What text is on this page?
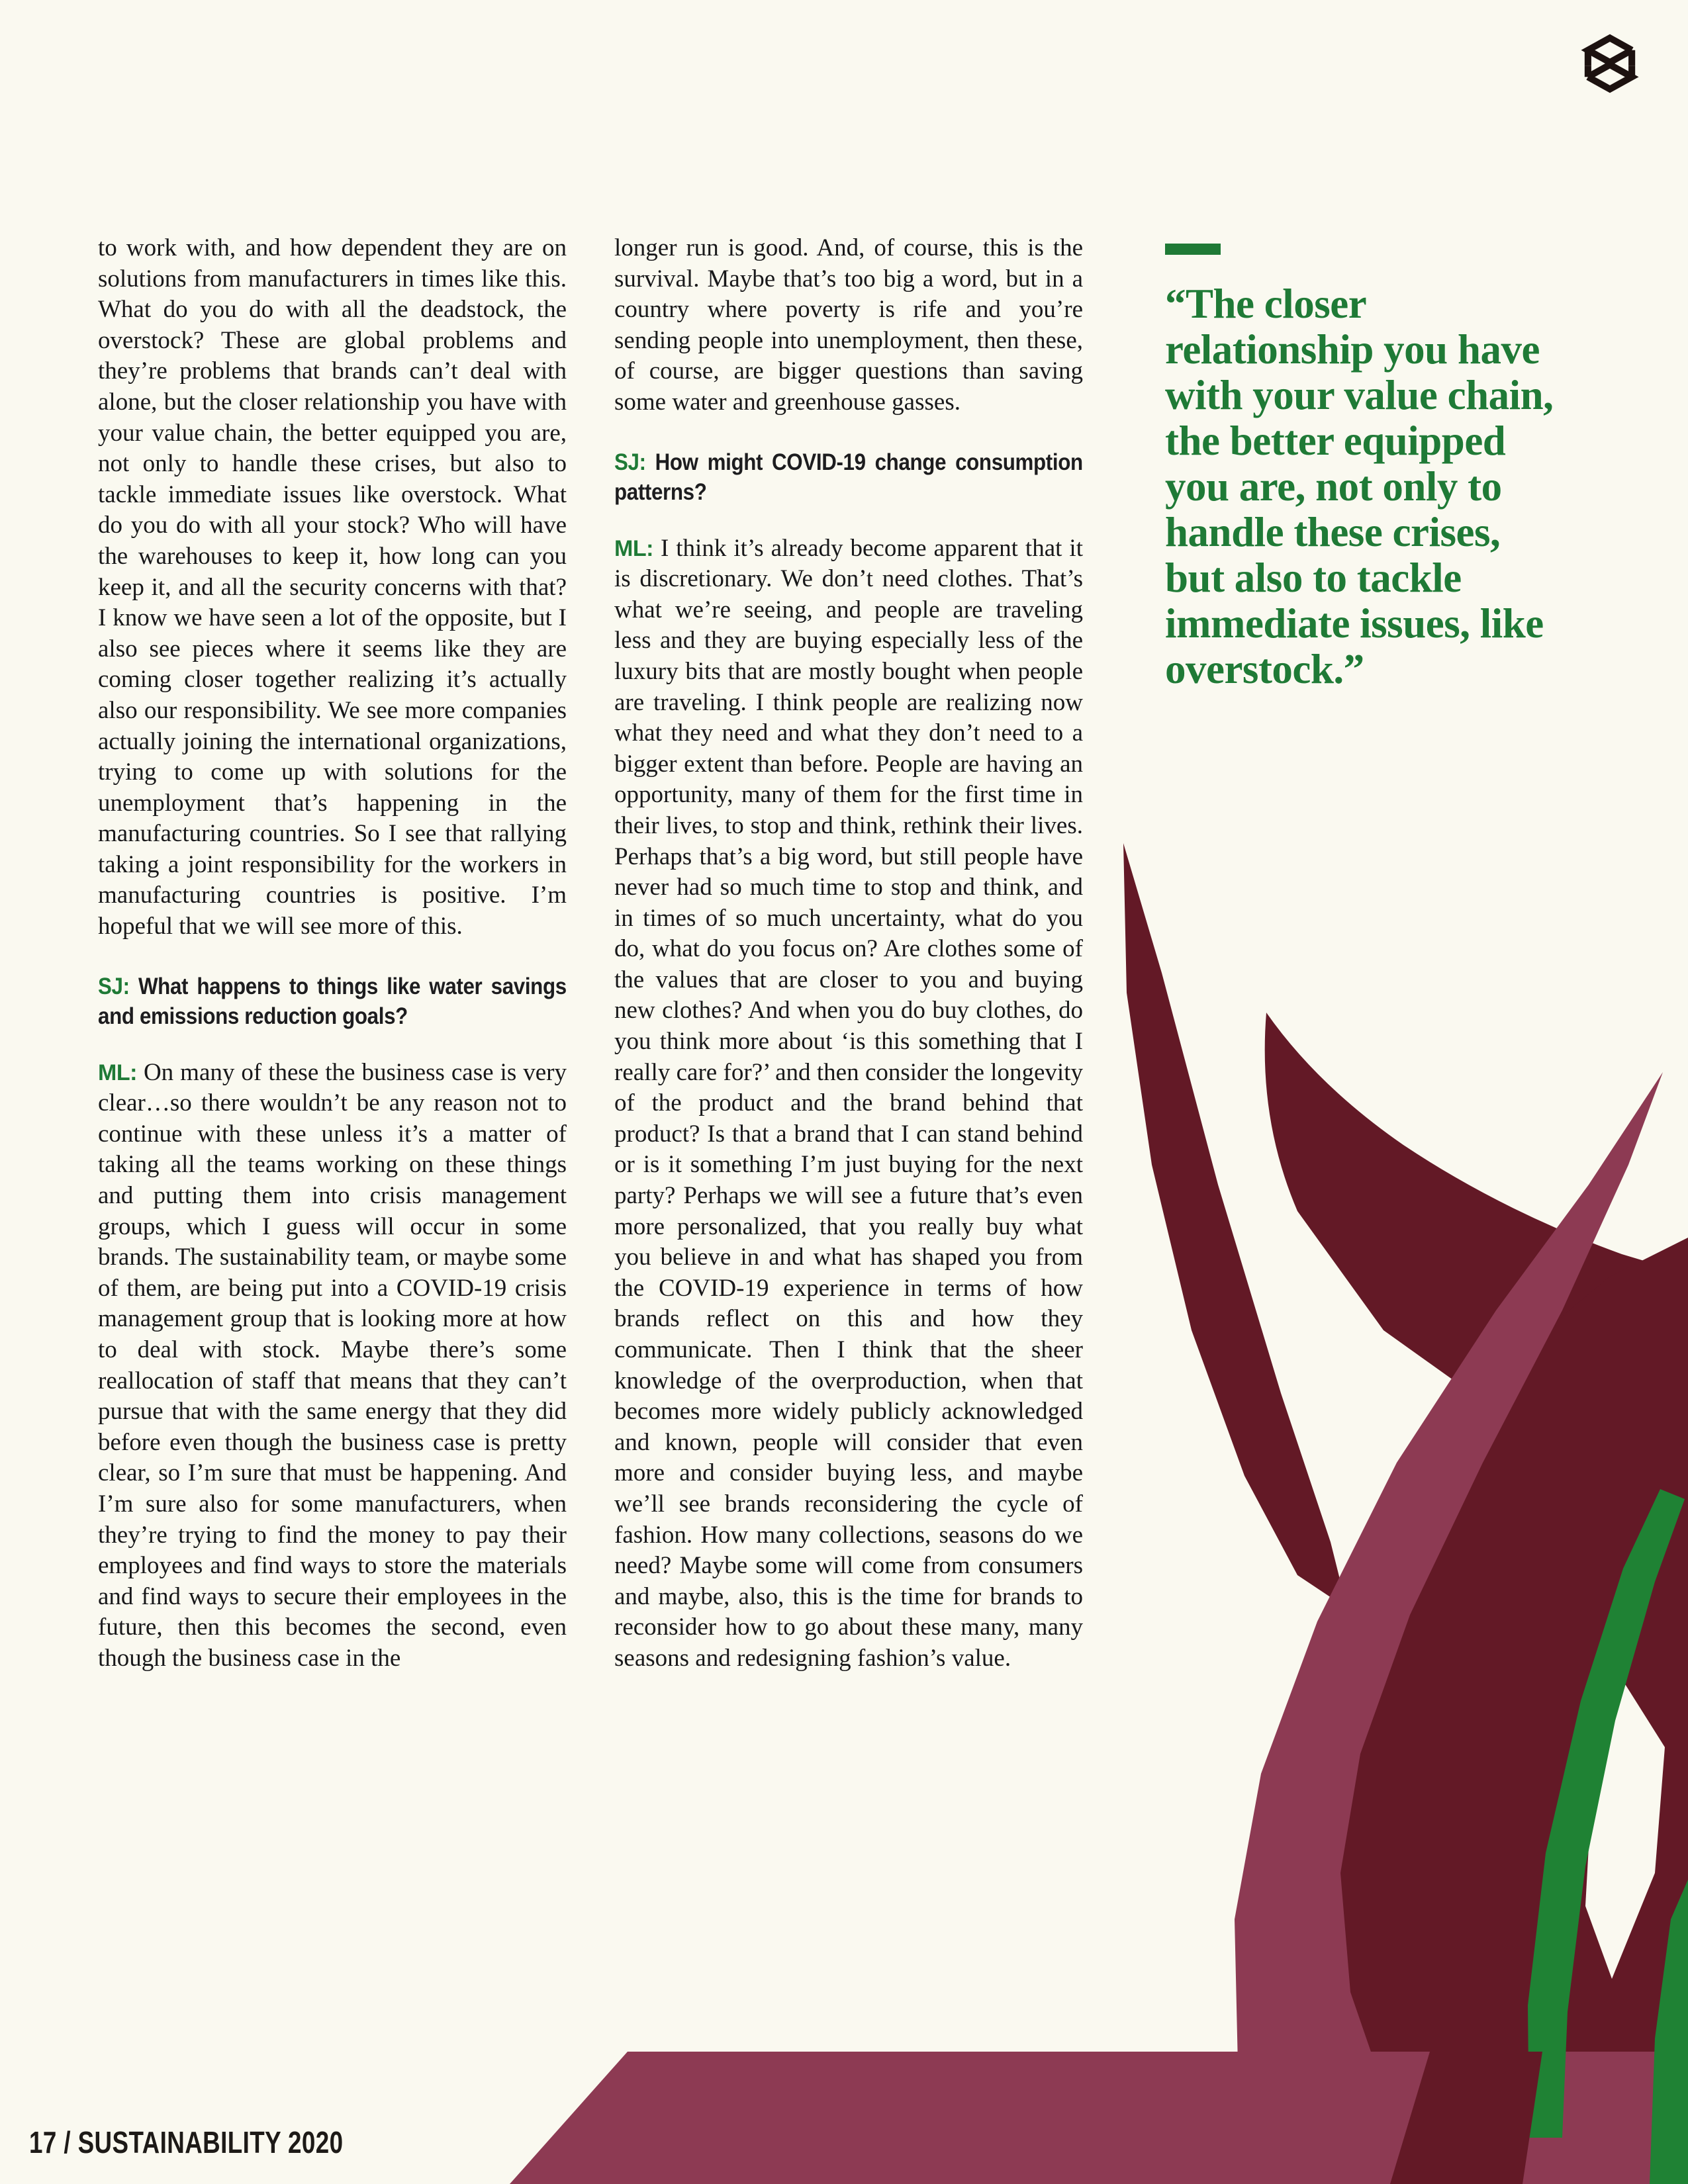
to work with, and how dependent they are on solutions from manufacturers in times like this. What do you do with all the deadstock, the overstock? These are global problems and they’re problems that brands can’t deal with alone, but the closer relationship you have with your value chain, the better equipped you are, not only to handle these crises, but also to tackle immediate issues like overstock. What do you do with all your stock? Who will have the warehouses to keep it, how long can you keep it, and all the security concerns with that? I know we have seen a lot of the opposite, but I also see pieces where it seems like they are coming closer together realizing it’s actually also our responsibility. We see more companies actually joining the international organizations, trying to come up with solutions for the unemployment that’s happening in the manufacturing countries. So I see that rallying taking a joint responsibility for the workers in manufacturing countries is positive. I’m hopeful that we will see more of this.

SJ: What happens to things like water savings and emissions reduction goals?

ML: On many of these the business case is very clear…so there wouldn’t be any reason not to continue with these unless it’s a matter of taking all the teams working on these things and putting them into crisis management groups, which I guess will occur in some brands. The sustainability team, or maybe some of them, are being put into a COVID-19 crisis management group that is looking more at how to deal with stock. Maybe there’s some reallocation of staff that means that they can’t pursue that with the same energy that they did before even though the business case is pretty clear, so I’m sure that must be happening. And I’m sure also for some manufacturers, when they’re trying to find the money to pay their employees and find ways to store the materials and find ways to secure their employees in the future, then this becomes the second, even though the business case in the

longer run is good. And, of course, this is the survival. Maybe that’s too big a word, but in a country where poverty is rife and you’re sending people into unemployment, then these, of course, are bigger questions than saving some water and greenhouse gasses.

SJ: How might COVID-19 change consumption patterns?

ML: I think it’s already become apparent that it is discretionary. We don’t need clothes. That’s what we’re seeing, and people are traveling less and they are buying especially less of the luxury bits that are mostly bought when people are traveling. I think people are realizing now what they need and what they don’t need to a bigger extent than before. People are having an opportunity, many of them for the first time in their lives, to stop and think, rethink their lives. Perhaps that’s a big word, but still people have never had so much time to stop and think, and in times of so much uncertainty, what do you do, what do you focus on? Are clothes some of the values that are closer to you and buying new clothes? And when you do buy clothes, do you think more about ‘is this something that I really care for?’ and then consider the longevity of the product and the brand behind that product? Is that a brand that I can stand behind or is it something I’m just buying for the next party? Perhaps we will see a future that’s even more personalized, that you really buy what you believe in and what has shaped you from the COVID-19 experience in terms of how brands reflect on this and how they communicate. Then I think that the sheer knowledge of the overproduction, when that becomes more widely publicly acknowledged and known, people will consider that even more and consider buying less, and maybe we’ll see brands reconsidering the cycle of fashion. How many collections, seasons do we need? Maybe some will come from consumers and maybe, also, this is the time for brands to reconsider how to go about these many, many seasons and redesigning fashion’s value.

“The closer relationship you have with your value chain, the better equipped you are, not only to handle these crises, but also to tackle immediate issues, like overstock.”
17 / SUSTAINABILITY 2020
